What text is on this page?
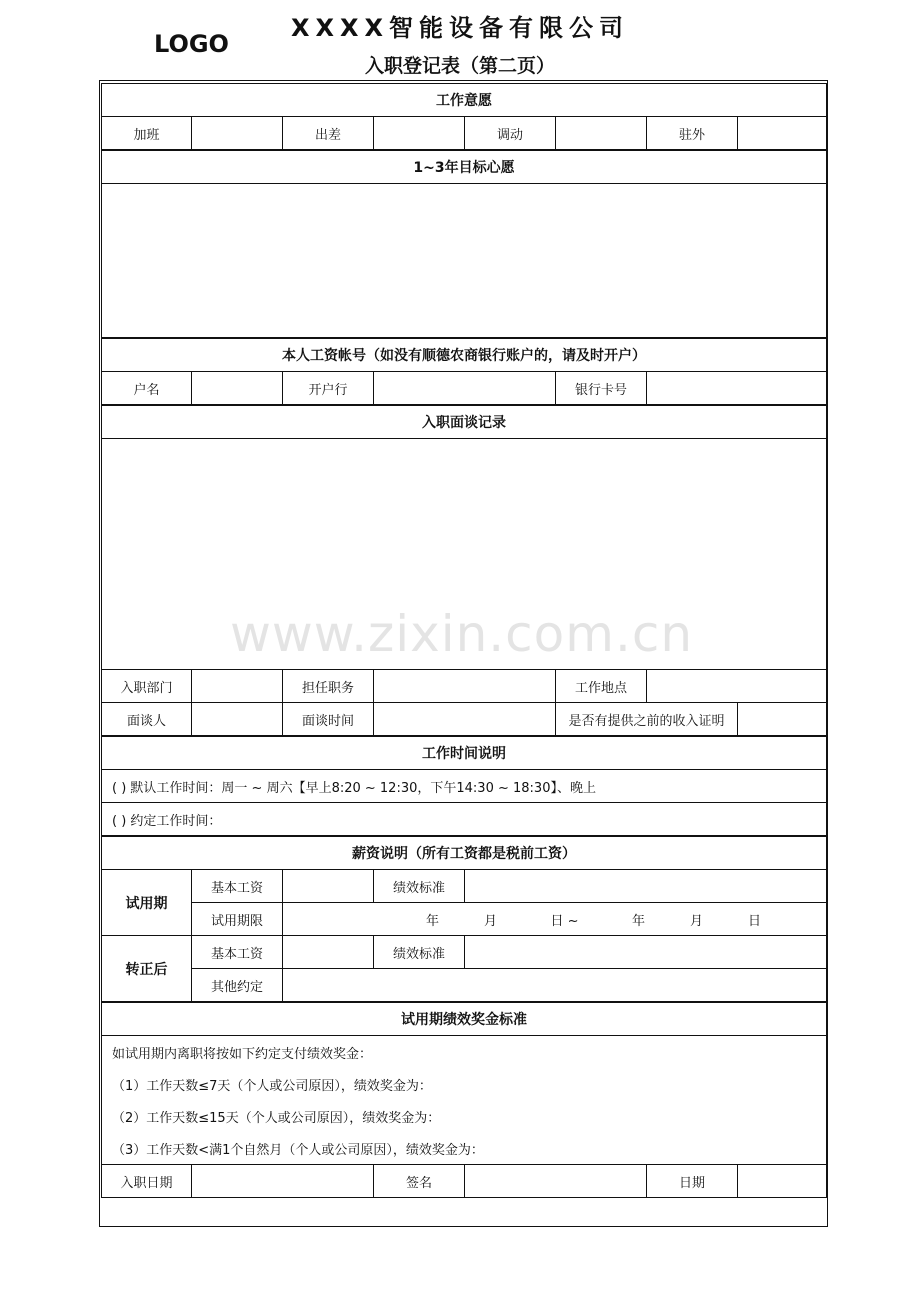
LOGO
XXXX智能设备有限公司
入职登记表（第二页）
工作意愿							
加班		出差		调动		驻外	
1~3年目标心愿							

本人工资帐号（如没有顺德农商银行账户的，请及时开户）							
户名		开户行			银行卡号		
入职面谈记录							

入职部门		担任职务			工作地点		
面谈人		面谈时间			是否有提供之前的收入证明		
工作时间说明							
( ) 默认工作时间：周一 ~ 周六【早上8:20 ~ 12:30，下午14:30 ~ 18:30】、晚上							
( ) 约定工作时间：							
薪资说明（所有工资都是税前工资）							
试用期	基本工资		绩效标准				
	试用期限	年 月 日 ~ 年 月 日					
转正后	基本工资		绩效标准				
	其他约定						
试用期绩效奖金标准							
如试用期内离职将按如下约定支付绩效奖金：							
（1）工作天数≤7天（个人或公司原因），绩效奖金为：							
（2）工作天数≤15天（个人或公司原因），绩效奖金为：							
（3）工作天数<满1个自然月（个人或公司原因），绩效奖金为：							
入职日期			签名			日期	
www.zixin.com.cn
